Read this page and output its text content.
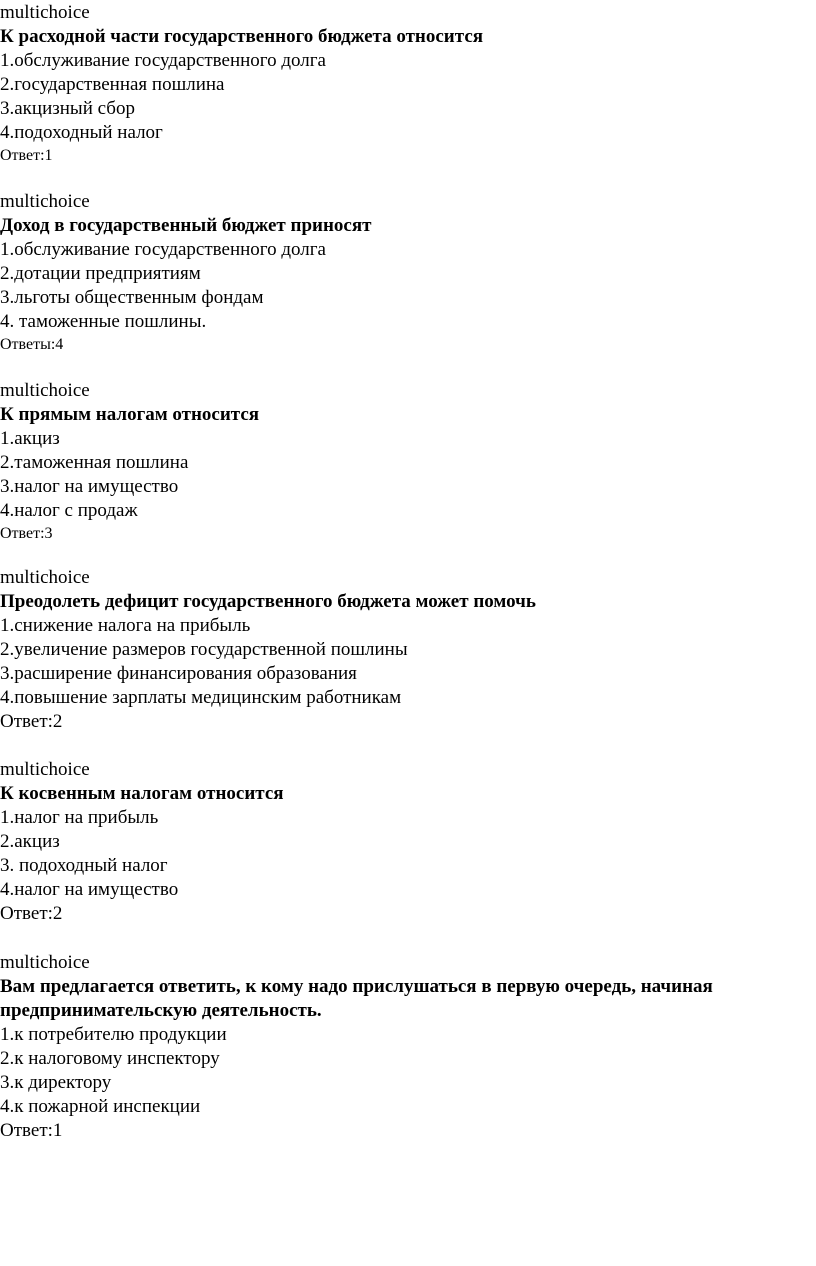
multichoice
К расходной части государственного бюджета относится
1.обслуживание государственного долга
2.государственная пошлина
3.акцизный сбор
4.подоходный налог
Ответ:1
multichoice
Доход в государственный бюджет приносят
1.обслуживание государственного долга
2.дотации предприятиям
3.льготы общественным фондам
4. таможенные пошлины.
Ответы:4
multichoice
К прямым налогам относится
1.акциз
2.таможенная пошлина
3.налог на имущество
4.налог с продаж
Ответ:3
multichoice
Преодолеть дефицит государственного бюджета может помочь
1.снижение налога на прибыль
2.увеличение размеров государственной пошлины
3.расширение финансирования образования
4.повышение зарплаты медицинским работникам
Ответ:2
multichoice
К косвенным налогам относится
1.налог на прибыль
2.акциз
3. подоходный налог
4.налог на имущество
Ответ:2
multichoice
Вам предлагается ответить, к кому надо прислушаться в первую очередь, начиная предпринимательскую деятельность.
1.к потребителю продукции
2.к налоговому инспектору
3.к директору
4.к пожарной инспекции
Ответ:1
